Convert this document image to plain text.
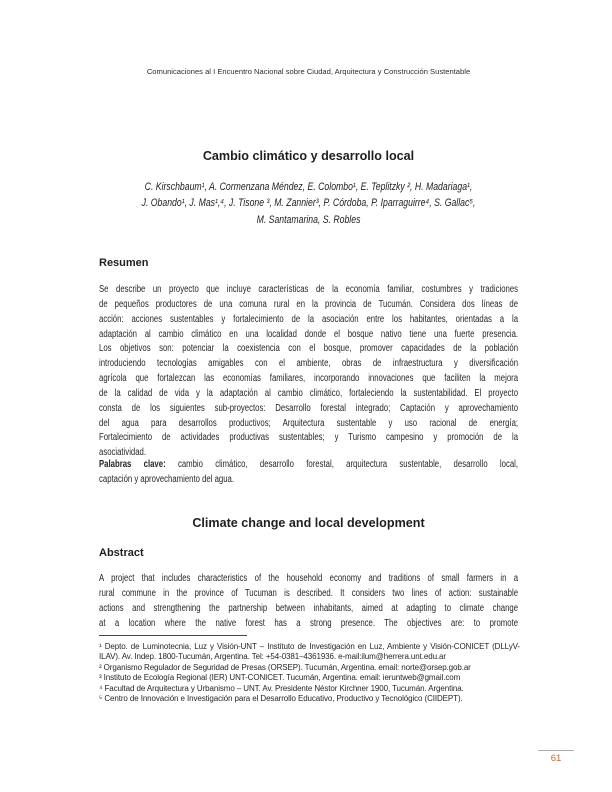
Comunicaciones al I Encuentro Nacional sobre Ciudad, Arquitectura y Construcción Sustentable
Cambio climático y desarrollo local
C. Kirschbaum¹, A. Cormenzana Méndez, E. Colombo¹, E. Teplitzky ², H. Madariaga¹,
J. Obando¹, J. Mas¹,⁴, J. Tisone ³, M. Zannier³, P. Córdoba, P. Iparraguirre⁴, S. Gallac⁵,
M. Santamarina, S. Robles
Resumen
Se describe un proyecto que incluye características de la economía familiar, costumbres y tradiciones
de pequeños productores de una comuna rural en la provincia de Tucumán. Considera dos líneas de
acción: acciones sustentables y fortalecimiento de la asociación entre los habitantes, orientadas a la
adaptación al cambio climático en una localidad donde el bosque nativo tiene una fuerte presencia.
Los objetivos son: potenciar la coexistencia con el bosque, promover capacidades de la población
introduciendo tecnologías amigables con el ambiente, obras de infraestructura y diversificación
agrícola que fortalezcan las economías familiares, incorporando innovaciones que faciliten la mejora
de la calidad de vida y la adaptación al cambio climático, fortaleciendo la sustentabilidad. El proyecto
consta de los siguientes sub-proyectos: Desarrollo forestal integrado; Captación y aprovechamiento
del agua para desarrollos productivos; Arquitectura sustentable y uso racional de energía;
Fortalecimiento de actividades productivas sustentables; y Turismo campesino y promoción de la
asociatividad.
Palabras clave: cambio climático, desarrollo forestal, arquitectura sustentable, desarrollo local,
captación y aprovechamiento del agua.
Climate change and local development
Abstract
A project that includes characteristics of the household economy and traditions of small farmers in a
rural commune in the province of Tucuman is described. It considers two lines of action: sustainable
actions and strengthening the partnership between inhabitants, aimed at adapting to climate change
at a location where the native forest has a strong presence. The objectives are: to promote
¹ Depto. de Luminotecnia, Luz y Visión-UNT – Instituto de Investigación en Luz, Ambiente y Visión-CONICET (DLLyV-ILAV). Av. Indep. 1800-Tucumán, Argentina. Tel: +54-0381–4361936. e-mail:ilum@herrera.unt.edu.ar
² Organismo Regulador de Seguridad de Presas (ORSEP). Tucumán, Argentina. email: norte@orsep.gob.ar
³ Instituto de Ecología Regional (IER) UNT-CONICET. Tucumán, Argentina. email: ieruntweb@gmail.com
⁴ Facultad de Arquitectura y Urbanismo – UNT. Av. Presidente Néstor Kirchner 1900, Tucumán. Argentina.
⁵ Centro de Innovación e Investigación para el Desarrollo Educativo, Productivo y Tecnológico (CIIDEPT).
61
